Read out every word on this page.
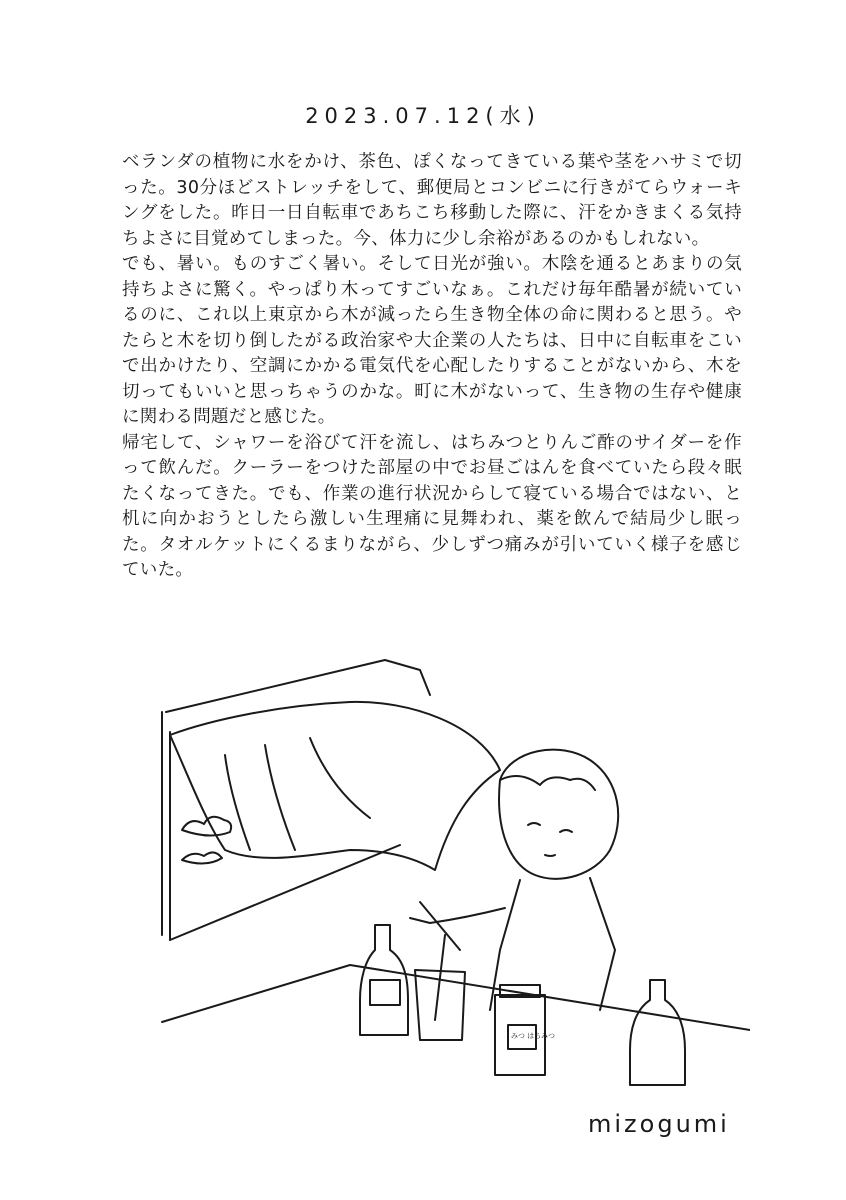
2023.07.12(水)

ベランダの植物に水をかけ、茶色、ぽくなってきている葉や茎をハサミで切った。30分ほどストレッチをして、郵便局とコンビニに行きがてらウォーキングをした。昨日一日自転車であちこち移動した際に、汗をかきまくる気持ちよさに目覚めてしまった。今、体力に少し余裕があるのかもしれない。

でも、暑い。ものすごく暑い。そして日光が強い。木陰を通るとあまりの気持ちよさに驚く。やっぱり木ってすごいなぁ。これだけ毎年酷暑が続いているのに、これ以上東京から木が減ったら生き物全体の命に関わると思う。やたらと木を切り倒したがる政治家や大企業の人たちは、日中に自転車をこいで出かけたり、空調にかかる電気代を心配したりすることがないから、木を切ってもいいと思っちゃうのかな。町に木がないって、生き物の生存や健康に関わる問題だと感じた。

帰宅して、シャワーを浴びて汗を流し、はちみつとりんご酢のサイダーを作って飲んだ。クーラーをつけた部屋の中でお昼ごはんを食べていたら段々眠たくなってきた。でも、作業の進行状況からして寝ている場合ではない、と机に向かおうとしたら激しい生理痛に見舞われ、薬を飲んで結局少し眠った。タオルケットにくるまりながら、少しずつ痛みが引いていく様子を感じていた。

みつ はちみつ
mizogumi
